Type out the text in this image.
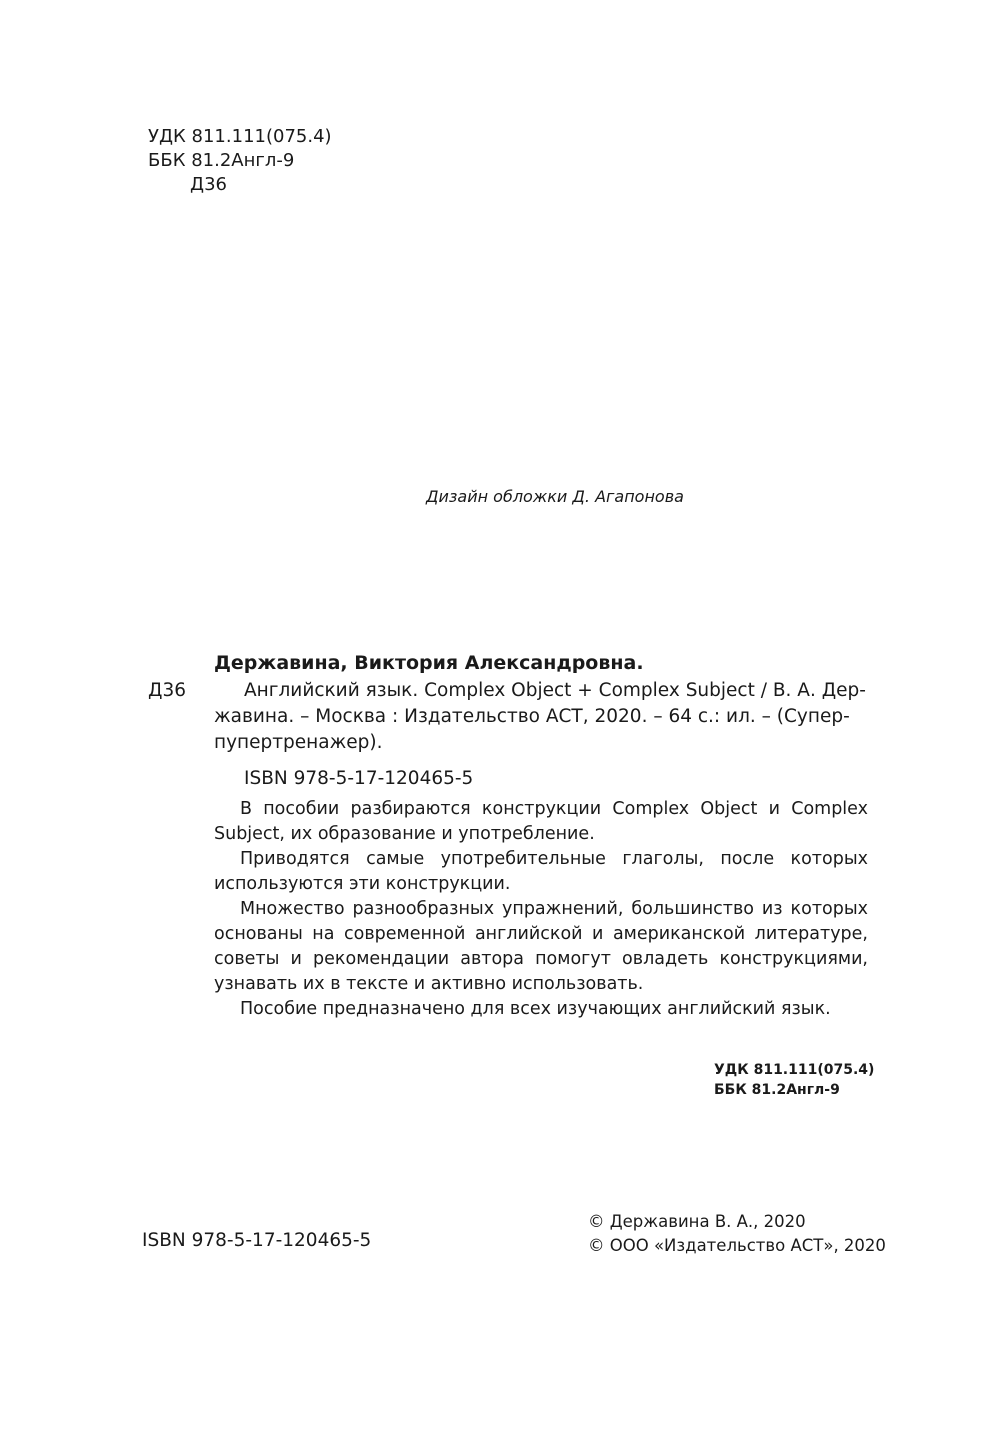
УДК 811.111(075.4)
ББК 81.2Англ-9
Д36
Дизайн обложки Д. Агапонова
Державина, Виктория Александровна.
Д36	Английский язык. Complex Object + Complex Subject / В. А. Дер-
жавина. – Москва : Издательство АСТ, 2020. – 64 с.: ил. – (Супер-
пупертренажер).
ISBN 978-5-17-120465-5

В пособии разбираются конструкции Complex Object и Complex Subject, их образование и употребление.

Приводятся самые употребительные глаголы, после которых используются эти конструкции.

Множество разнообразных упражнений, большинство из которых основаны на современной английской и американской литературе, советы и рекомендации автора помогут овладеть конструкциями, узнавать их в тексте и активно использовать.

Пособие предназначено для всех изучающих английский язык.

УДК 811.111(075.4)
ББК 81.2Англ-9
ISBN 978-5-17-120465-5
© Державина В. А., 2020
© ООО «Издательство АСТ», 2020
